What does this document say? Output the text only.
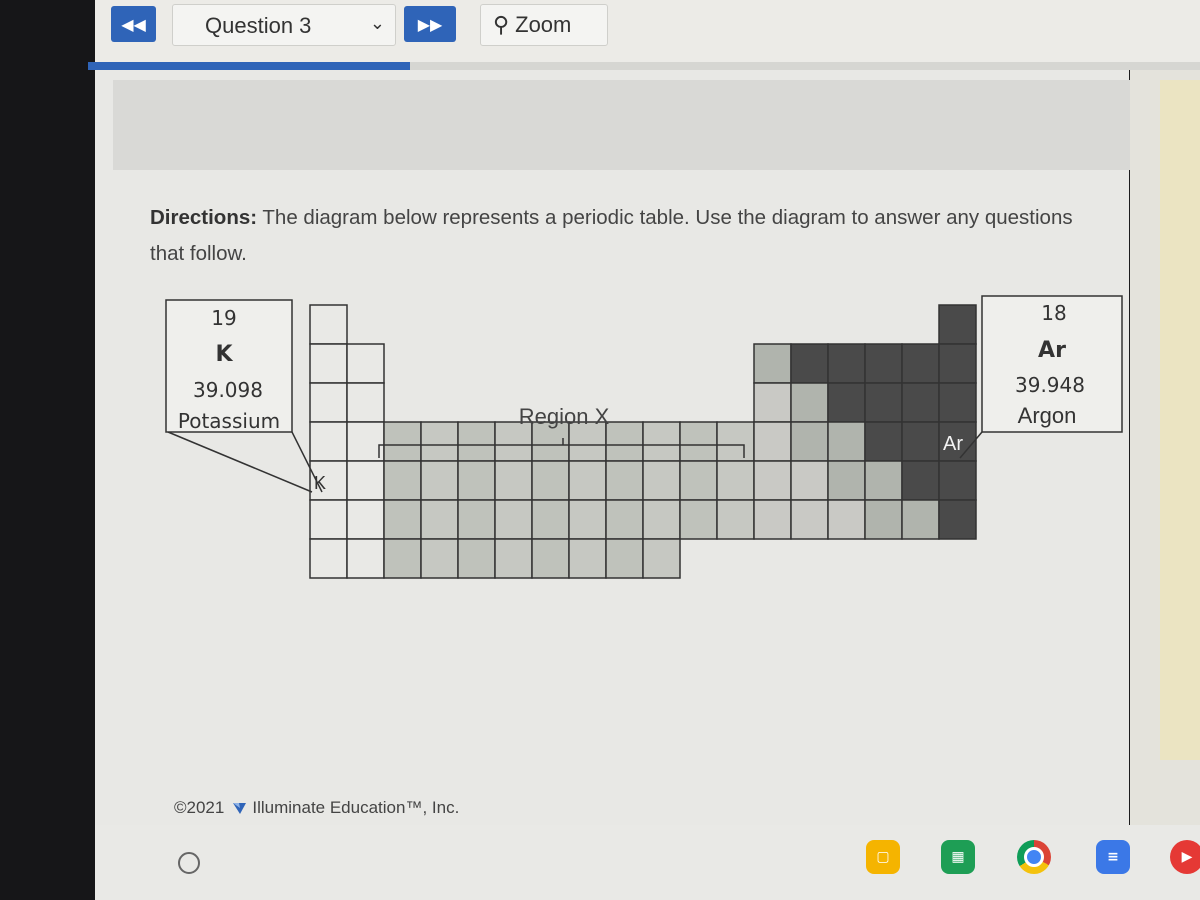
◀◀	Question 3	⌄ ▶▶ ⚲ Zoom
Directions: The diagram below represents a periodic table. Use the diagram to answer any questions that follow.
19
K
39.098
Potassium
K
18
Ar
39.948
Argon
Ar
Region X
©2021 Illuminate Education™, Inc.
▢	▦	≡	▶
